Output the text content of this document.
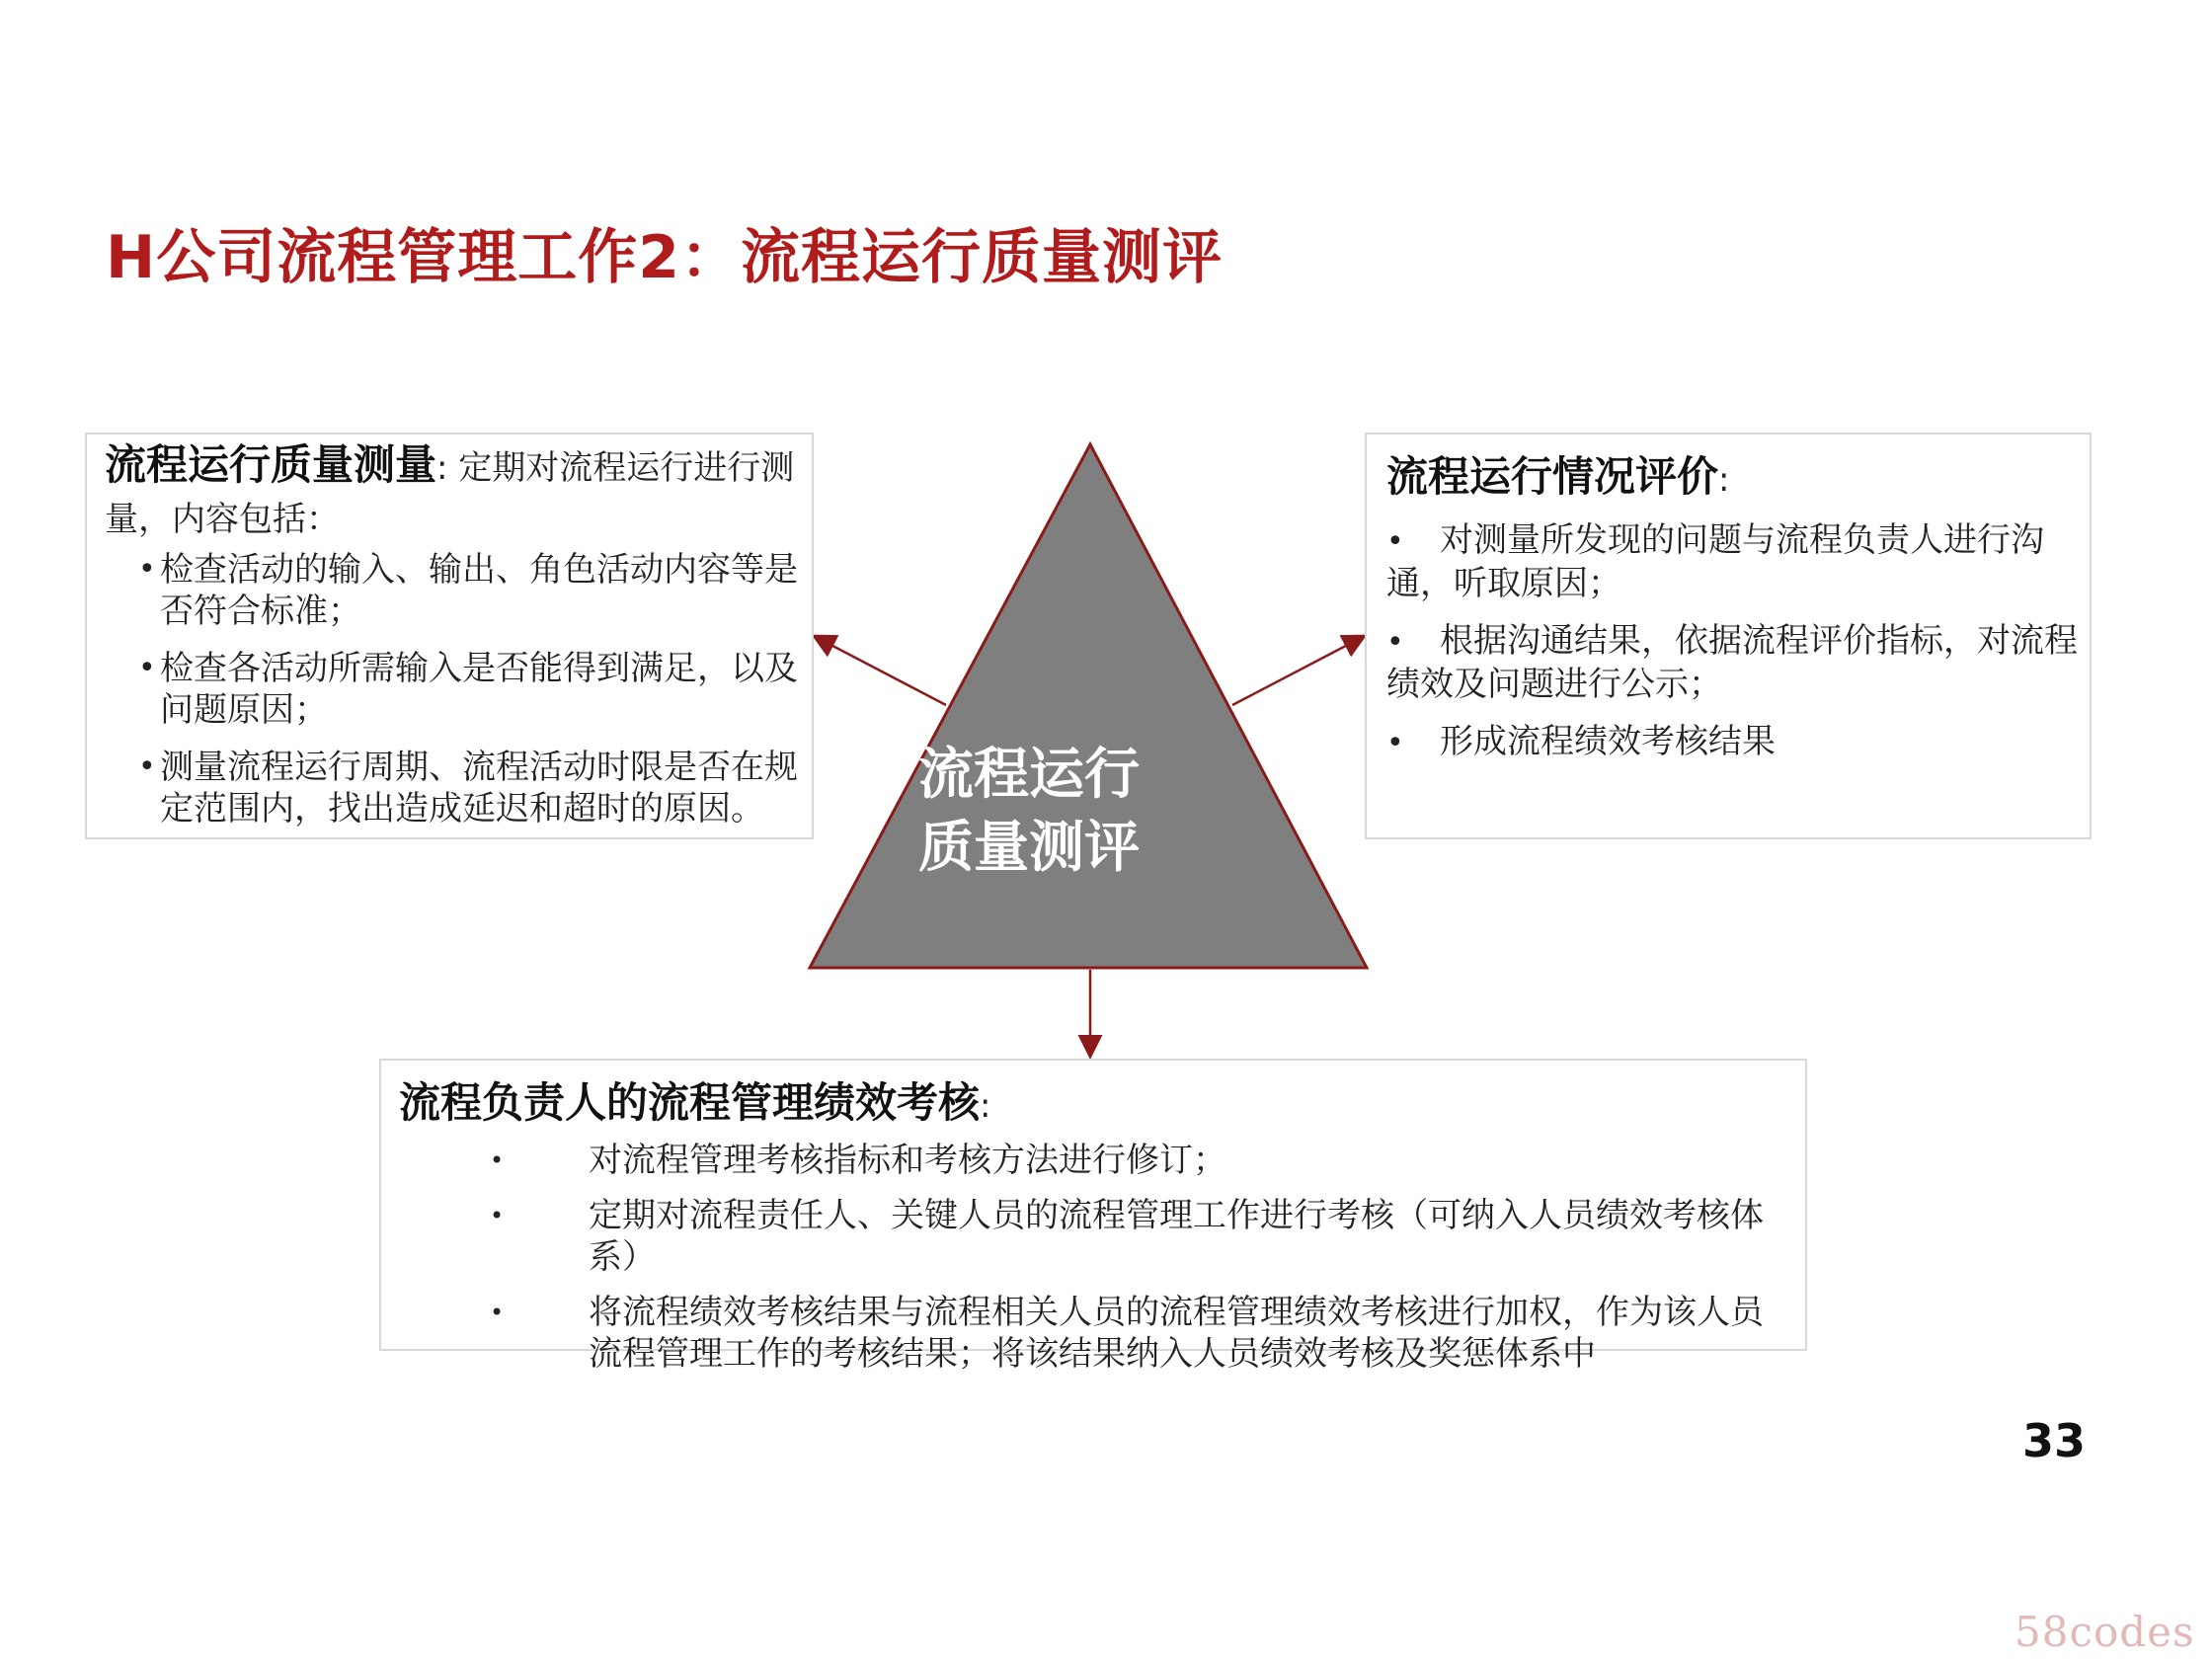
H公司流程管理工作2：流程运行质量测评
流程运行
质量测评
流程运行质量测量: 定期对流程运行进行测量，内容包括：
• 检查活动的输入、输出、角色活动内容等是否符合标准；
• 检查各活动所需输入是否能得到满足，以及问题原因；
• 测量流程运行周期、流程活动时限是否在规定范围内，找出造成延迟和超时的原因。
流程运行情况评价:
• 对测量所发现的问题与流程负责人进行沟通，听取原因；
• 根据沟通结果，依据流程评价指标，对流程绩效及问题进行公示；
• 形成流程绩效考核结果
流程负责人的流程管理绩效考核:
• 对流程管理考核指标和考核方法进行修订；
• 定期对流程责任人、关键人员的流程管理工作进行考核（可纳入人员绩效考核体系）
• 将流程绩效考核结果与流程相关人员的流程管理绩效考核进行加权，作为该人员流程管理工作的考核结果；将该结果纳入人员绩效考核及奖惩体系中
33
58codes
